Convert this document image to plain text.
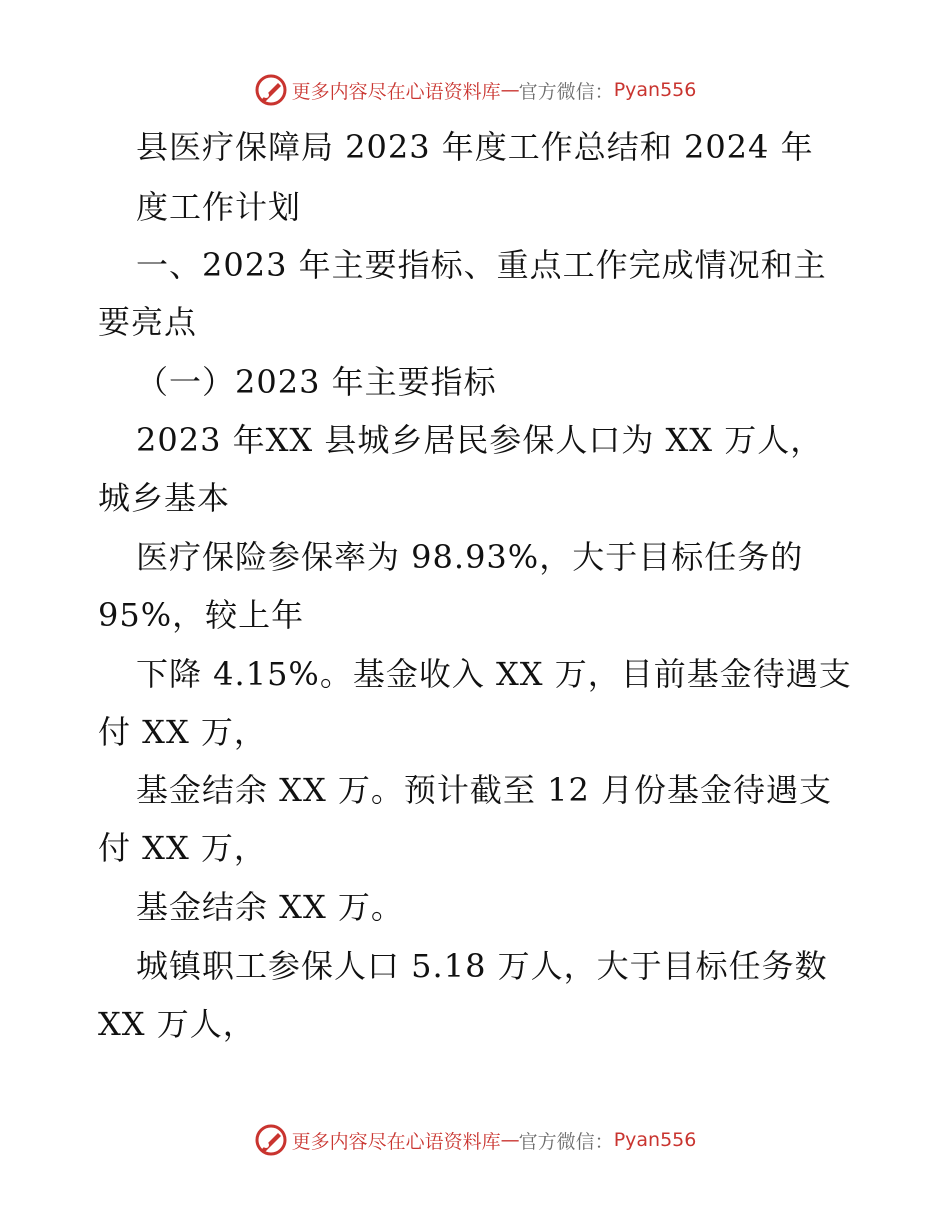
更多内容尽在心语资料库 — 官方微信： Pyan556
县医疗保障局 2023 年度工作总结和 2024 年
度工作计划
一、2023 年主要指标、重点工作完成情况和主
要亮点
（一）2023 年主要指标
2023 年XX 县城乡居民参保人口为 XX 万人，
城乡基本
医疗保险参保率为 98.93%，大于目标任务的
95%，较上年
下降 4.15%。基金收入 XX 万，目前基金待遇支
付 XX 万，
基金结余 XX 万。预计截至 12 月份基金待遇支
付 XX 万，
基金结余 XX 万。
城镇职工参保人口 5.18 万人，大于目标任务数
XX 万人，
更多内容尽在心语资料库 — 官方微信： Pyan556
